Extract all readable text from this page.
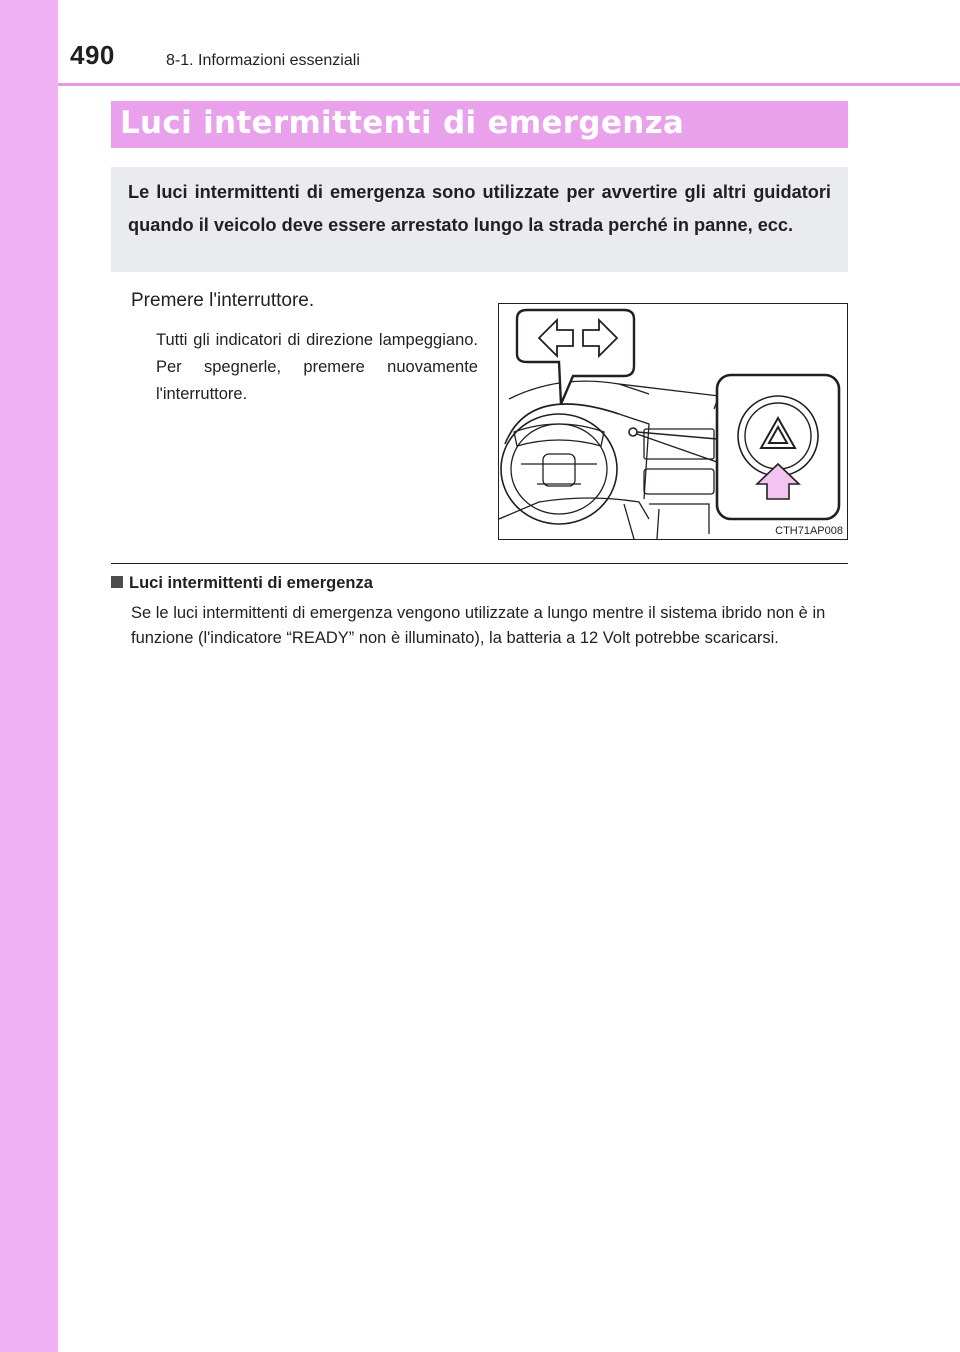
490	8-1. Informazioni essenziali
Luci intermittenti di emergenza

Le luci intermittenti di emergenza sono utilizzate per avvertire gli altri guidatori quando il veicolo deve essere arrestato lungo la strada perché in panne, ecc.

Premere l'interruttore.

Tutti gli indicatori di direzione lampeggiano.

Per spegnerle, premere nuovamente l'interruttore.

CTH71AP008
Luci intermittenti di emergenza

Se le luci intermittenti di emergenza vengono utilizzate a lungo mentre il sistema ibrido non è in funzione (l'indicatore “READY” non è illuminato), la batteria a 12 Volt potrebbe scaricarsi.
